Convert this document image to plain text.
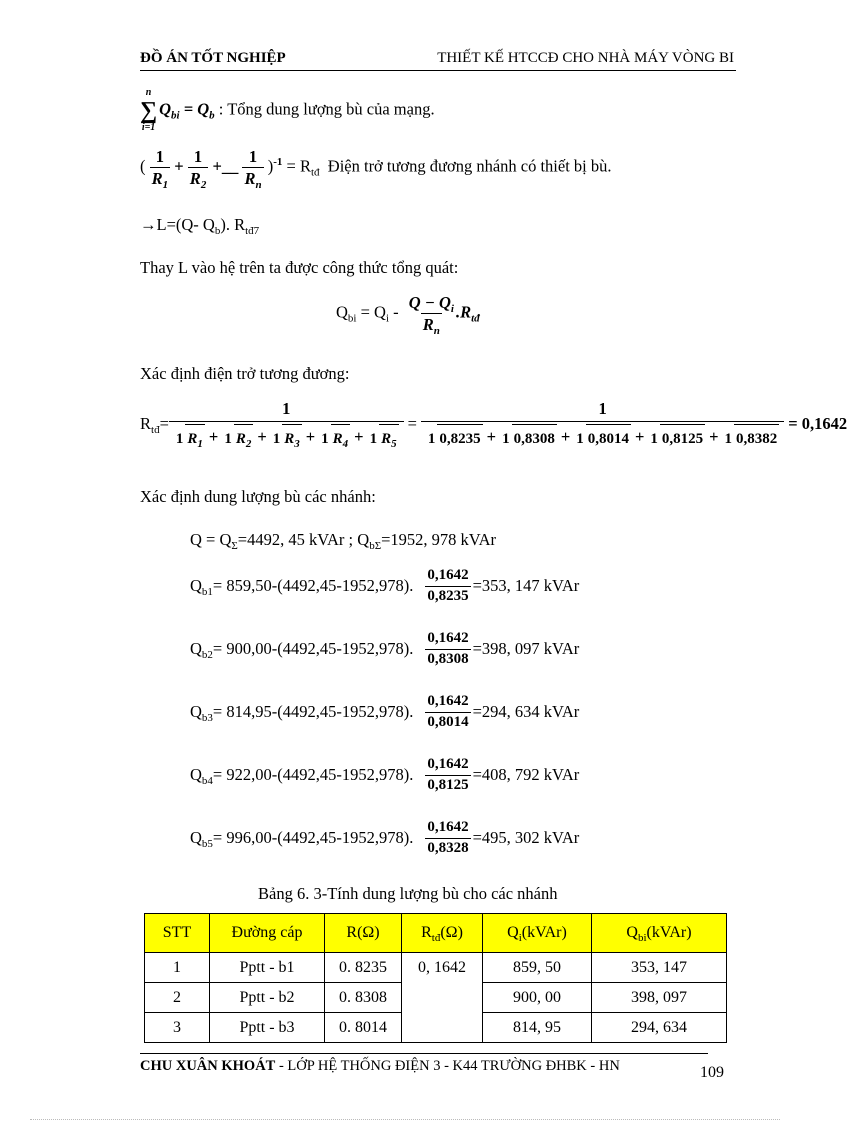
ĐỒ ÁN TỐT NGHIỆP	THIẾT KẾ HTCCĐ CHO NHÀ MÁY VÒNG BI
n
∑
i=1
$Q_{bi} = Q_b$ : Tổng dung lượng bù của mạng.
( $\frac{1}{R_1} + \frac{1}{R_2}$ +__ $\frac{1}{R_n} )^{-1} = R_{tđ}$ Điện trở tương đương nhánh có thiết bị bù.
→L=(Q- $Q_b$). $R_{tđ7}$
Thay L vào hệ trên ta được công thức tổng quát:
$Q_{bi} = Q_i - \frac{Q - Q_i}{R_n} .R_{tđ}$
Xác định điện trở tương đương:
$R_{tđ}= \frac{1}{1 R_1 + 1 R_2 + 1 R_3 + 1 R_4 + 1 R_5} = \frac{1}{1 0,8235 + 1 0,8308 + 1 0,8014 + 1 0,8125 + 1 0,8382} = 0,1642$
Xác định dung lượng bù các nhánh:
$Q = Q_\Sigma=4492$, 45 kVAr ; $Q_{b\Sigma}=1952$, 978 kVAr
$Q_{b1} = 859,50-(4492,45-1952,978)$. $\frac{0,1642}{0,8235} =353$, 147 kVAr
$Q_{b2} = 900,00-(4492,45-1952,978)$. $\frac{0,1642}{0,8308} =398$, 097 kVAr
$Q_{b3} = 814,95-(4492,45-1952,978)$. $\frac{0,1642}{0,8014} =294$, 634 kVAr
$Q_{b4} = 922,00-(4492,45-1952,978)$. $\frac{0,1642}{0,8125} =408$, 792 kVAr
$Q_{b5} = 996,00-(4492,45-1952,978)$. $\frac{0,1642}{0,8328} =495$, 302 kVAr
Bảng 6. 3-Tính dung lượng bù cho các nhánh
STT	Đường cáp	R(Ω)	$R_{tđ}(\Omega)$	$Q_i(kVAr)$	$Q_{bi}(kVAr)$
1	Pptt - b1	0. 8235	0, 1642	859, 50	353, 147
2	Pptt - b2	0. 8308		900, 00	398, 097
3	Pptt - b3	0. 8014		814, 95	294, 634
CHU XUÂN KHOÁT - LỚP HỆ THỐNG ĐIỆN 3 - K44 TRƯỜNG ĐHBK - HN	109
